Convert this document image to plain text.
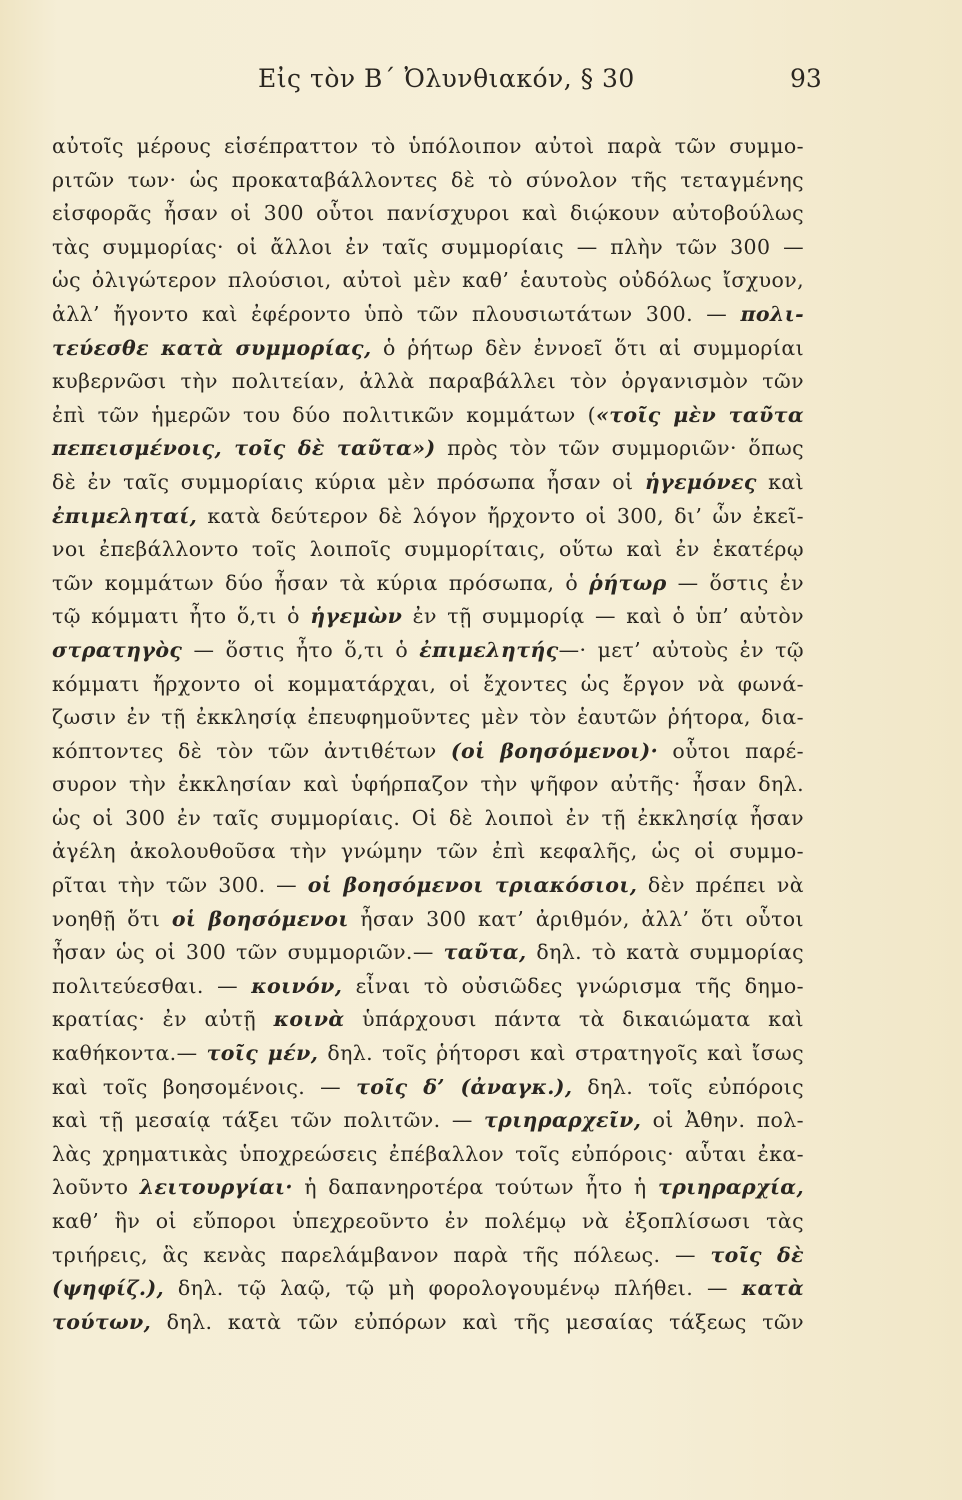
Εἰς τὸν Β΄ Ὀλυνθιακόν, § 30	93
αὐτοῖς μέρους εἰσέπραττον τὸ ὑπόλοιπον αὐτοὶ παρὰ τῶν συμμο-
ριτῶν των· ὡς προκαταβάλλοντες δὲ τὸ σύνολον τῆς τεταγμένης
εἰσφορᾶς ἦσαν οἱ 300 οὗτοι πανίσχυροι καὶ διῴκουν αὐτοβούλως
τὰς συμμορίας· οἱ ἄλλοι ἐν ταῖς συμμορίαις — πλὴν τῶν 300 —
ὡς ὀλιγώτερον πλούσιοι, αὐτοὶ μὲν καθ’ ἑαυτοὺς οὐδόλως ἴσχυον,
ἀλλ’ ἤγοντο καὶ ἐφέροντο ὑπὸ τῶν πλουσιωτάτων 300. — πολι-
τεύεσθε κατὰ συμμορίας, ὁ ῥήτωρ δὲν ἐννοεῖ ὅτι αἱ συμμορίαι
κυβερνῶσι τὴν πολιτείαν, ἀλλὰ παραβάλλει τὸν ὀργανισμὸν τῶν
ἐπὶ τῶν ἡμερῶν του δύο πολιτικῶν κομμάτων («τοῖς μὲν ταῦτα
πεπεισμένοις, τοῖς δὲ ταῦτα») πρὸς τὸν τῶν συμμοριῶν· ὅπως
δὲ ἐν ταῖς συμμορίαις κύρια μὲν πρόσωπα ἦσαν οἱ ἡγεμόνες καὶ
ἐπιμεληταί, κατὰ δεύτερον δὲ λόγον ἤρχοντο οἱ 300, δι’ ὧν ἐκεῖ-
νοι ἐπεβάλλοντο τοῖς λοιποῖς συμμορίταις, οὕτω καὶ ἐν ἑκατέρῳ
τῶν κομμάτων δύο ἦσαν τὰ κύρια πρόσωπα, ὁ ῥήτωρ — ὅστις ἐν
τῷ κόμματι ἦτο ὅ,τι ὁ ἡγεμὼν ἐν τῇ συμμορίᾳ — καὶ ὁ ὑπ’ αὐτὸν
στρατηγὸς — ὅστις ἦτο ὅ,τι ὁ ἐπιμελητής—· μετ’ αὐτοὺς ἐν τῷ
κόμματι ἤρχοντο οἱ κομματάρχαι, οἱ ἔχοντες ὡς ἔργον νὰ φωνά-
ζωσιν ἐν τῇ ἐκκλησίᾳ ἐπευφημοῦντες μὲν τὸν ἑαυτῶν ῥήτορα, δια-
κόπτοντες δὲ τὸν τῶν ἀντιθέτων (οἱ βοησόμενοι)· οὗτοι παρέ-
συρον τὴν ἐκκλησίαν καὶ ὑφήρπαζον τὴν ψῆφον αὐτῆς· ἦσαν δηλ.
ὡς οἱ 300 ἐν ταῖς συμμορίαις. Οἱ δὲ λοιποὶ ἐν τῇ ἐκκλησίᾳ ἦσαν
ἀγέλη ἀκολουθοῦσα τὴν γνώμην τῶν ἐπὶ κεφαλῆς, ὡς οἱ συμμο-
ρῖται τὴν τῶν 300. — οἱ βοησόμενοι τριακόσιοι, δὲν πρέπει νὰ
νοηθῇ ὅτι οἱ βοησόμενοι ἦσαν 300 κατ’ ἀριθμόν, ἀλλ’ ὅτι οὗτοι
ἦσαν ὡς οἱ 300 τῶν συμμοριῶν.— ταῦτα, δηλ. τὸ κατὰ συμμορίας
πολιτεύεσθαι. — κοινόν, εἶναι τὸ οὐσιῶδες γνώρισμα τῆς δημο-
κρατίας· ἐν αὐτῇ κοινὰ ὑπάρχουσι πάντα τὰ δικαιώματα καὶ
καθήκοντα.— τοῖς μέν, δηλ. τοῖς ῥήτορσι καὶ στρατηγοῖς καὶ ἴσως
καὶ τοῖς βοησομένοις. — τοῖς δ’ (ἀναγκ.), δηλ. τοῖς εὐπόροις
καὶ τῇ μεσαίᾳ τάξει τῶν πολιτῶν. — τριηραρχεῖν, οἱ Ἀθην. πολ-
λὰς χρηματικὰς ὑποχρεώσεις ἐπέβαλλον τοῖς εὐπόροις· αὗται ἐκα-
λοῦντο λειτουργίαι· ἡ δαπανηροτέρα τούτων ἦτο ἡ τριηραρχία,
καθ’ ἣν οἱ εὔποροι ὑπεχρεοῦντο ἐν πολέμῳ νὰ ἐξοπλίσωσι τὰς
τριήρεις, ἃς κενὰς παρελάμβανον παρὰ τῆς πόλεως. — τοῖς δὲ
(ψηφίζ.), δηλ. τῷ λαῷ, τῷ μὴ φορολογουμένῳ πλήθει. — κατὰ
τούτων, δηλ. κατὰ τῶν εὐπόρων καὶ τῆς μεσαίας τάξεως τῶν
